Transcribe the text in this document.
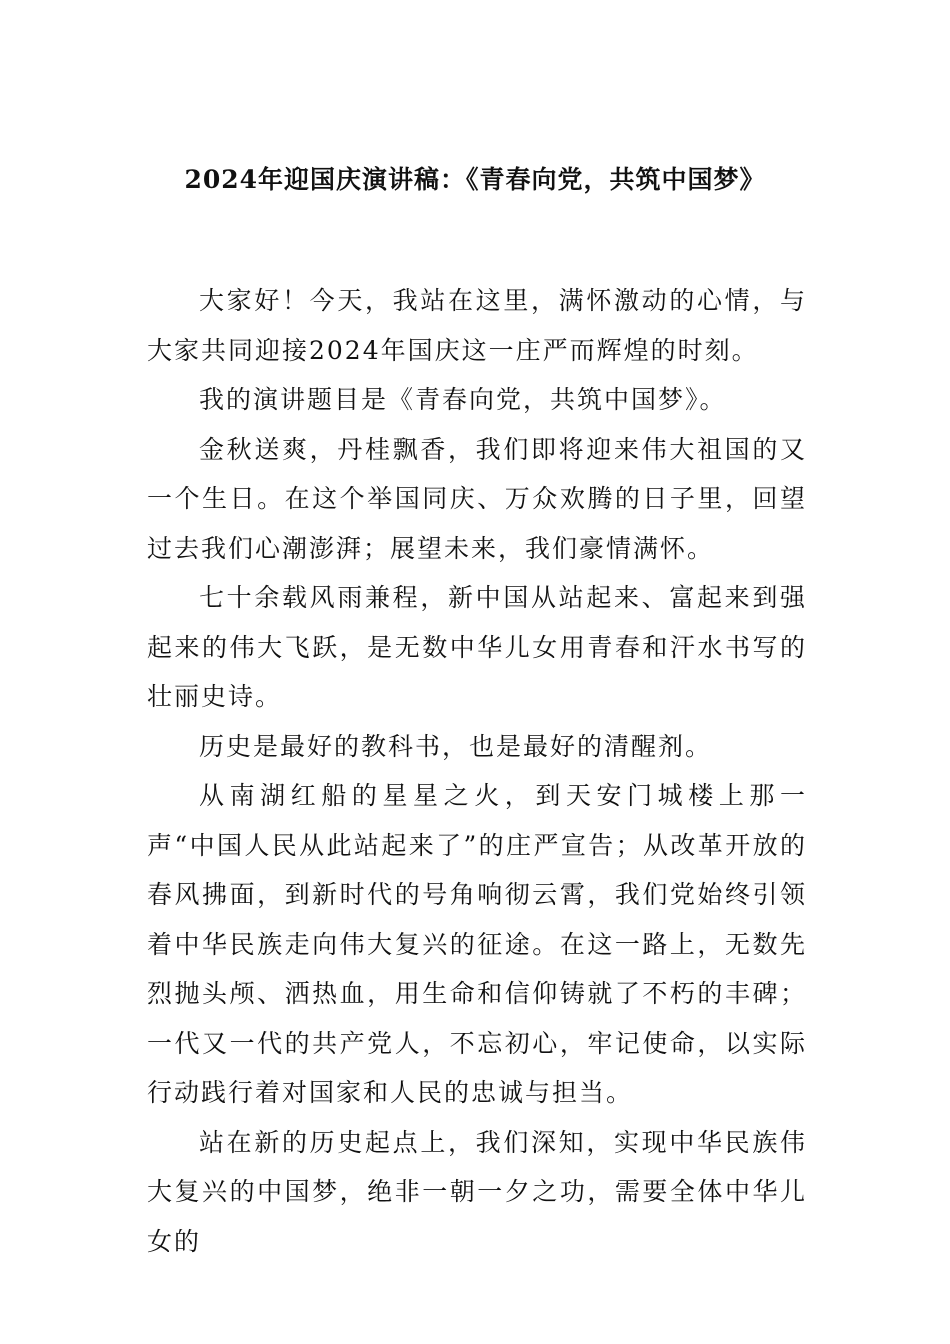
2024年迎国庆演讲稿：《青春向党，共筑中国梦》

大家好！今天，我站在这里，满怀激动的心情，与大家共同迎接2024年国庆这一庄严而辉煌的时刻。

我的演讲题目是《青春向党，共筑中国梦》。

金秋送爽，丹桂飘香，我们即将迎来伟大祖国的又一个生日。在这个举国同庆、万众欢腾的日子里，回望过去我们心潮澎湃；展望未来，我们豪情满怀。

七十余载风雨兼程，新中国从站起来、富起来到强起来的伟大飞跃，是无数中华儿女用青春和汗水书写的壮丽史诗。

历史是最好的教科书，也是最好的清醒剂。

从南湖红船的星星之火，到天安门城楼上那一声“中国人民从此站起来了”的庄严宣告；从改革开放的春风拂面，到新时代的号角响彻云霄，我们党始终引领着中华民族走向伟大复兴的征途。在这一路上，无数先烈抛头颅、洒热血，用生命和信仰铸就了不朽的丰碑；一代又一代的共产党人，不忘初心，牢记使命，以实际行动践行着对国家和人民的忠诚与担当。

站在新的历史起点上，我们深知，实现中华民族伟大复兴的中国梦，绝非一朝一夕之功，需要全体中华儿女的
